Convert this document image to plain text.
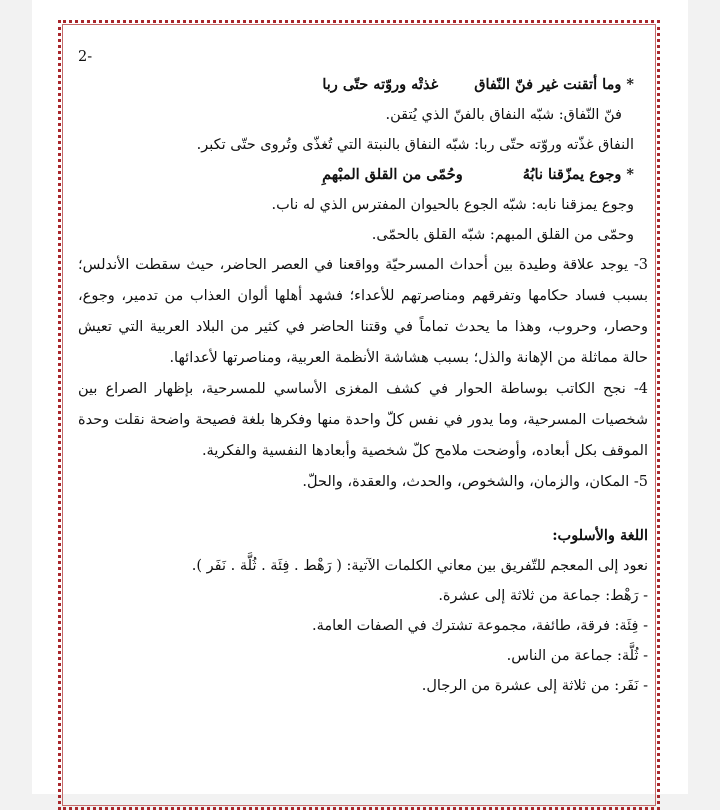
2-
* وما أتقنت غير فنّ النّفاقغذتْه وروّته حتّى ربا
فنّ النّفاق: شبّه النفاق بالفنّ الذي يُتقن.
النفاق غذّته وروّته حتّى ربا: شبّه النفاق بالنبتة التي تُغذّى وتُروى حتّى تكبر.
* وجوع يمزّقنا نابُهُوحُمّى من القلق المبْهمِ
وجوع يمزقنا نابه: شبّه الجوع بالحيوان المفترس الذي له ناب.
وحمّى من القلق المبهم: شبّه القلق بالحمّى.
3- يوجد علاقة وطيدة بين أحداث المسرحيّة وواقعنا في العصر الحاضر، حيث سقطت الأندلس؛
بسبب فساد حكامها وتفرقهم ومناصرتهم للأعداء؛ فشهد أهلها ألوان العذاب من تدمير، وجوع،
وحصار، وحروب، وهذا ما يحدث تماماً في وقتنا الحاضر في كثير من البلاد العربية التي تعيش
حالة مماثلة من الإهانة والذل؛ بسبب هشاشة الأنظمة العربية، ومناصرتها لأعدائها.
4- نجح الكاتب بوساطة الحوار في كشف المغزى الأساسي للمسرحية، بإظهار الصراع بين
شخصيات المسرحية، وما يدور في نفس كلّ واحدة منها وفكرها بلغة فصيحة واضحة نقلت وحدة
الموقف بكل أبعاده، وأوضحت ملامح كلّ شخصية وأبعادها النفسية والفكرية.
5- المكان، والزمان، والشخوص، والحدث، والعقدة، والحلّ.
اللغة والأسلوب:
نعود إلى المعجم للتّفريق بين معاني الكلمات الآتية: ( رَهْط . فِئَة . ثُلَّة . نَفَر ).
- رَهْط: جماعة من ثلاثة إلى عشرة.
- فِئَة: فرقة، طائفة، مجموعة تشترك في الصفات العامة.
- ثُلَّة: جماعة من الناس.
- نَفَر: من ثلاثة إلى عشرة من الرجال.
